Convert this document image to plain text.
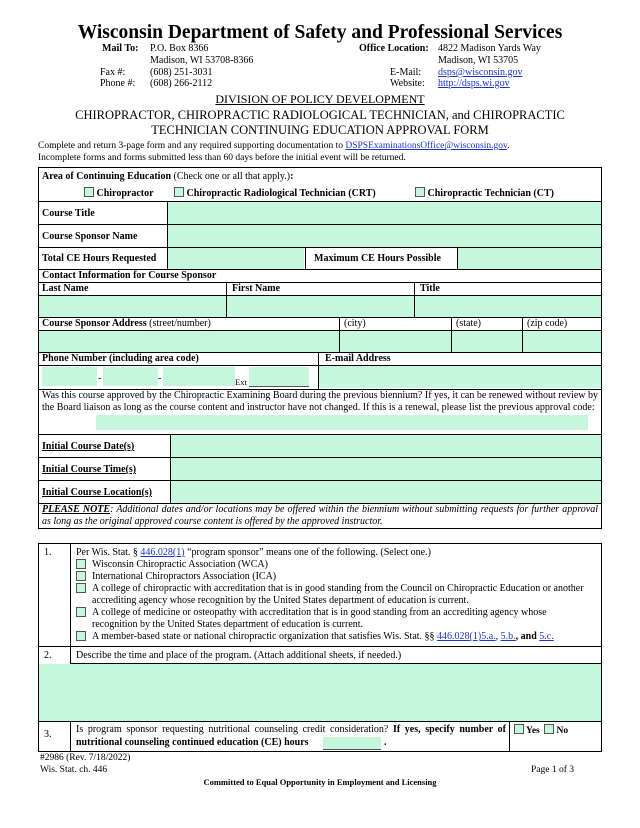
Wisconsin Department of Safety and Professional Services
Mail To: P.O. Box 8366
Madison, WI 53708-8366
Fax #: (608) 251-3031
Phone #: (608) 266-2112
Office Location: 4822 Madison Yards Way
Madison, WI 53705
E-Mail: dsps@wisconsin.gov
Website: http://dsps.wi.gov
DIVISION OF POLICY DEVELOPMENT
CHIROPRACTOR, CHIROPRACTIC RADIOLOGICAL TECHNICIAN, and CHIROPRACTIC
TECHNICIAN CONTINUING EDUCATION APPROVAL FORM
Complete and return 3-page form and any required supporting documentation to DSPSExaminationsOffice@wisconsin.gov.
Incomplete forms and forms submitted less than 60 days before the initial event will be returned.
Area of Continuing Education (Check one or all that apply.):
Chiropractor	Chiropractic Radiological Technician (CRT)	Chiropractic Technician (CT)
Course Title
Course Sponsor Name
Total CE Hours Requested	Maximum CE Hours Possible
Contact Information for Course Sponsor
Last Name	First Name	Title
Course Sponsor Address (street/number)	(city)	(state)	(zip code)
Phone Number (including area code)	E-mail Address
-	-	Ext
Was this course approved by the Chiropractic Examining Board during the previous biennium? If yes, it can be renewed without review by the Board liaison as long as the course content and instructor have not changed. If this is a renewal, please list the previous approval code:
Initial Course Date(s)
Initial Course Time(s)
Initial Course Location(s)
PLEASE NOTE: Additional dates and/or locations may be offered within the biennium without submitting requests for further approval as long as the original approved course content is offered by the approved instructor.
1. Per Wis. Stat. § 446.028(1) “program sponsor” means one of the following. (Select one.)
Wisconsin Chiropractic Association (WCA)
International Chiropractors Association (ICA)
A college of chiropractic with accreditation that is in good standing from the Council on Chiropractic Education or another accrediting agency whose recognition by the United States department of education is current.
A college of medicine or osteopathy with accreditation that is in good standing from an accrediting agency whose recognition by the United States department of education is current.
A member-based state or national chiropractic organization that satisfies Wis. Stat. §§ 446.028(1)5.a., 5.b., and 5.c.
2. Describe the time and place of the program. (Attach additional sheets, if needed.)
3. Is program sponsor requesting nutritional counseling credit consideration? If yes, specify number of nutritional counseling continued education (CE) hours	.
Yes No
#2986 (Rev. 7/18/2022)
Wis. Stat. ch. 446	Page 1 of 3
Committed to Equal Opportunity in Employment and Licensing
